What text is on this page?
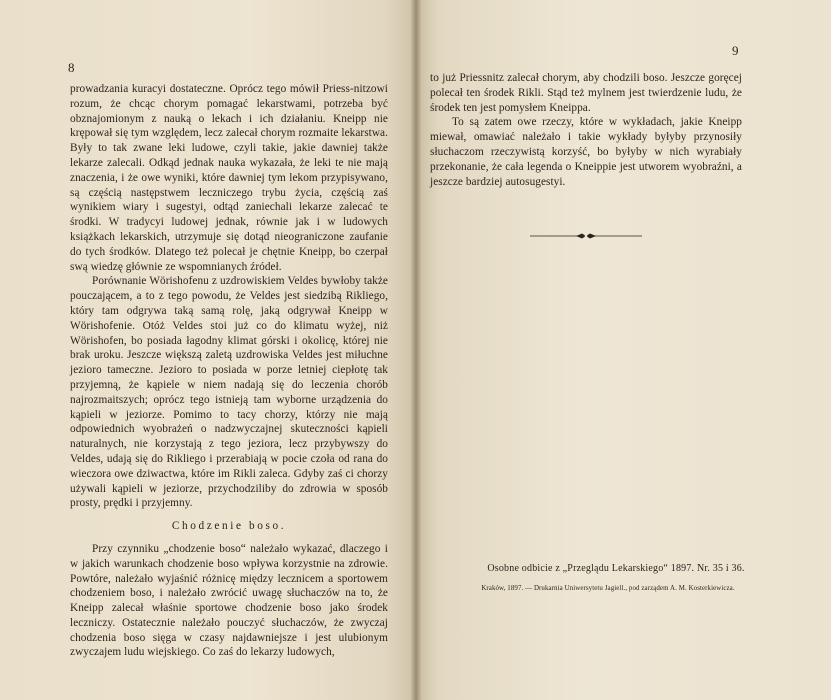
8

prowadzania kuracyi dostateczne. Oprócz tego mówił Priess-nitzowi rozum, że chcąc chorym pomagać lekarstwami, potrzeba być obznajomionym z nauką o lekach i ich działaniu. Kneipp nie krępował się tym względem, lecz zalecał chorym rozmaite lekarstwa. Były to tak zwane leki ludowe, czyli takie, jakie dawniej także lekarze zalecali. Odkąd jednak nauka wykazała, że leki te nie mają znaczenia, i że owe wyniki, które dawniej tym lekom przypisywano, są częścią następstwem leczniczego trybu życia, częścią zaś wynikiem wiary i sugestyi, odtąd zaniechali lekarze zalecać te środki. W tradycyi ludowej jednak, równie jak i w ludowych książkach lekarskich, utrzymuje się dotąd nieograniczone zaufanie do tych środków. Dlatego też polecał je chętnie Kneipp, bo czerpał swą wiedzę głównie ze wspomnianych źródeł.

Porównanie Wörishofenu z uzdrowiskiem Veldes bywłoby także pouczającem, a to z tego powodu, że Veldes jest siedzibą Rikliego, który tam odgrywa taką samą rolę, jaką odgrywał Kneipp w Wörishofenie. Otóż Veldes stoi już co do klimatu wyżej, niż Wörishofen, bo posiada łagodny klimat górski i okolicę, której nie brak uroku. Jeszcze większą zaletą uzdrowiska Veldes jest miłuchne jezioro tameczne. Jezioro to posiada w porze letniej ciepłotę tak przyjemną, że kąpiele w niem nadają się do leczenia chorób najrozmaitszych; oprócz tego istnieją tam wyborne urządzenia do kąpieli w jeziorze. Pomimo to tacy chorzy, którzy nie mają odpowiednich wyobrażeń o nadzwyczajnej skuteczności kąpieli naturalnych, nie korzystają z tego jeziora, lecz przybywszy do Veldes, udają się do Rikliego i przerabiają w pocie czoła od rana do wieczora owe dziwactwa, które im Rikli zaleca. Gdyby zaś ci chorzy używali kąpieli w jeziorze, przychodziliby do zdrowia w sposób prosty, prędki i przyjemny.

Chodzenie boso.

Przy czynniku „chodzenie boso“ należało wykazać, dlaczego i w jakich warunkach chodzenie boso wpływa korzystnie na zdrowie. Powtóre, należało wyjaśnić różnicę między lecznicem a sportowem chodzeniem boso, i należało zwrócić uwagę słuchaczów na to, że Kneipp zalecał właśnie sportowe chodzenie boso jako środek leczniczy. Ostatecznie należało pouczyć słuchaczów, że zwyczaj chodzenia boso sięga w czasy najdawniejsze i jest ulubionym zwyczajem ludu wiejskiego. Co zaś do lekarzy ludowych,

9

to już Priessnitz zalecał chorym, aby chodzili boso. Jeszcze goręcej polecał ten środek Rikli. Stąd też mylnem jest twierdzenie ludu, że środek ten jest pomysłem Kneippa.

To są zatem owe rzeczy, które w wykładach, jakie Kneipp miewał, omawiać należało i takie wykłady byłyby przynosiły słuchaczom rzeczywistą korzyść, bo byłyby w nich wyrabiały przekonanie, że cała legenda o Kneippie jest utworem wyobraźni, a jeszcze bardziej autosugestyi.

Osobne odbicie z „Przeglądu Lekarskiego“ 1897. Nr. 35 i 36.
Kraków, 1897. — Drukarnia Uniwersytetu Jagiell., pod zarządem A. M. Kosterkiewicza.
